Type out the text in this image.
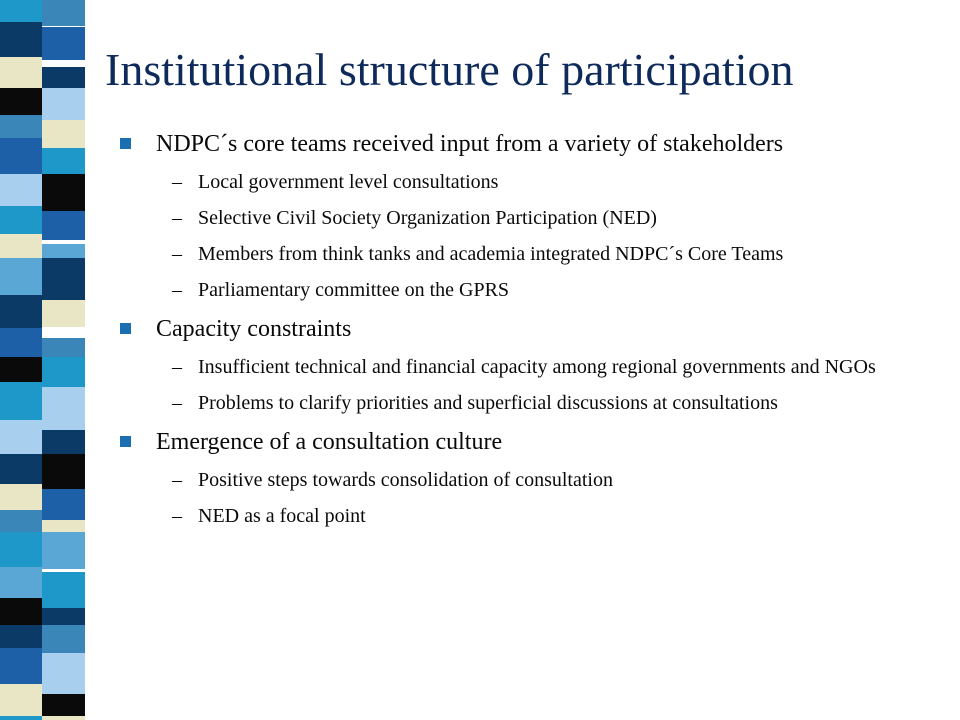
Institutional structure of participation
NDPC´s core teams received input from a variety of stakeholders
– Local government level consultations
– Selective Civil Society Organization Participation (NED)
– Members from think tanks and academia integrated NDPC´s Core Teams
– Parliamentary committee on the GPRS
Capacity constraints
– Insufficient technical and financial capacity among regional governments and NGOs
– Problems to clarify priorities and superficial discussions at consultations
Emergence of a consultation culture
– Positive steps towards consolidation of consultation
– NED as a focal point
